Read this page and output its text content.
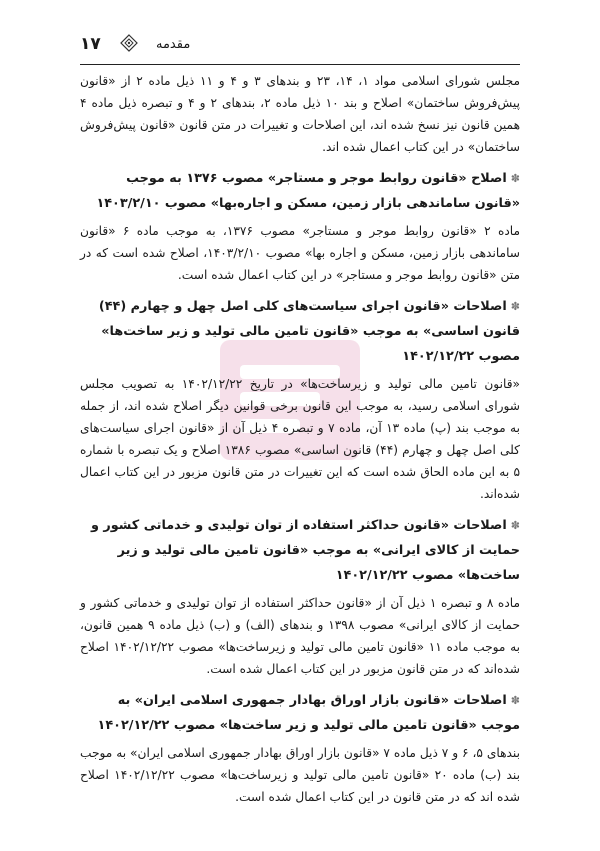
۱۷	مقدمه

مجلس شورای اسلامی مواد ۱، ۱۴، ۲۳ و بندهای ۳ و ۴ و ۱۱ ذیل ماده ۲ از «قانون پیش‌فروش ساختمان» اصلاح و بند ۱۰ ذیل ماده ۲، بندهای ۲ و ۴ و تبصره ذیل ماده ۴ همین قانون نیز نسخ شده اند، این اصلاحات و تغییرات در متن قانون «قانون پیش‌فروش ساختمان» در این کتاب اعمال شده اند.

✽اصلاح «قانون روابط موجر و مستاجر» مصوب ۱۳۷۶ به موجب «قانون ساماندهی بازار زمین، مسکن و اجاره‌بها» مصوب ۱۴۰۳/۲/۱۰

ماده ۲ «قانون روابط موجر و مستاجر» مصوب ۱۳۷۶، به موجب ماده ۶ «قانون ساماندهی بازار زمین، مسکن و اجاره بها» مصوب ۱۴۰۳/۲/۱۰، اصلاح شده است که در متن «قانون روابط موجر و مستاجر» در این کتاب اعمال شده است.

✽اصلاحات «قانون اجرای سیاست‌های کلی اصل چهل و چهارم (۴۴) قانون اساسی» به موجب «قانون تامین مالی تولید و زیر ساخت‌ها» مصوب ۱۴۰۲/۱۲/۲۲

«قانون تامین مالی تولید و زیرساخت‌ها» در تاریخ ۱۴۰۲/۱۲/۲۲ به تصویب مجلس شورای اسلامی رسید، به موجب این قانون برخی قوانین دیگر اصلاح شده اند، از جمله به موجب بند (پ) ماده ۱۳ آن، ماده ۷ و تبصره ۴ ذیل آن از «قانون اجرای سیاست‌های کلی اصل چهل و چهارم (۴۴) قانون اساسی» مصوب ۱۳۸۶ اصلاح و یک تبصره با شماره ۵ به این ماده الحاق شده است که این تغییرات در متن قانون مزبور در این کتاب اعمال شده‌اند.

✽اصلاحات «قانون حداکثر استفاده از توان تولیدی و خدماتی کشور و حمایت از کالای ایرانی» به موجب «قانون تامین مالی تولید و زیر ساخت‌ها» مصوب ۱۴۰۲/۱۲/۲۲

ماده ۸ و تبصره ۱ ذیل آن از «قانون حداکثر استفاده از توان تولیدی و خدماتی کشور و حمایت از کالای ایرانی» مصوب ۱۳۹۸ و بندهای (الف) و (ب) ذیل ماده ۹ همین قانون، به موجب ماده ۱۱ «قانون تامین مالی تولید و زیرساخت‌ها» مصوب ۱۴۰۲/۱۲/۲۲ اصلاح شده‌اند که در متن قانون مزبور در این کتاب اعمال شده است.

✽اصلاحات «قانون بازار اوراق بهادار جمهوری اسلامی ایران» به موجب «قانون تامین مالی تولید و زیر ساخت‌ها» مصوب ۱۴۰۲/۱۲/۲۲

بندهای ۵، ۶ و ۷ ذیل ماده ۷ «قانون بازار اوراق بهادار جمهوری اسلامی ایران» به موجب بند (ب) ماده ۲۰ «قانون تامین مالی تولید و زیرساخت‌ها» مصوب ۱۴۰۲/۱۲/۲۲ اصلاح شده اند که در متن قانون در این کتاب اعمال شده است.
